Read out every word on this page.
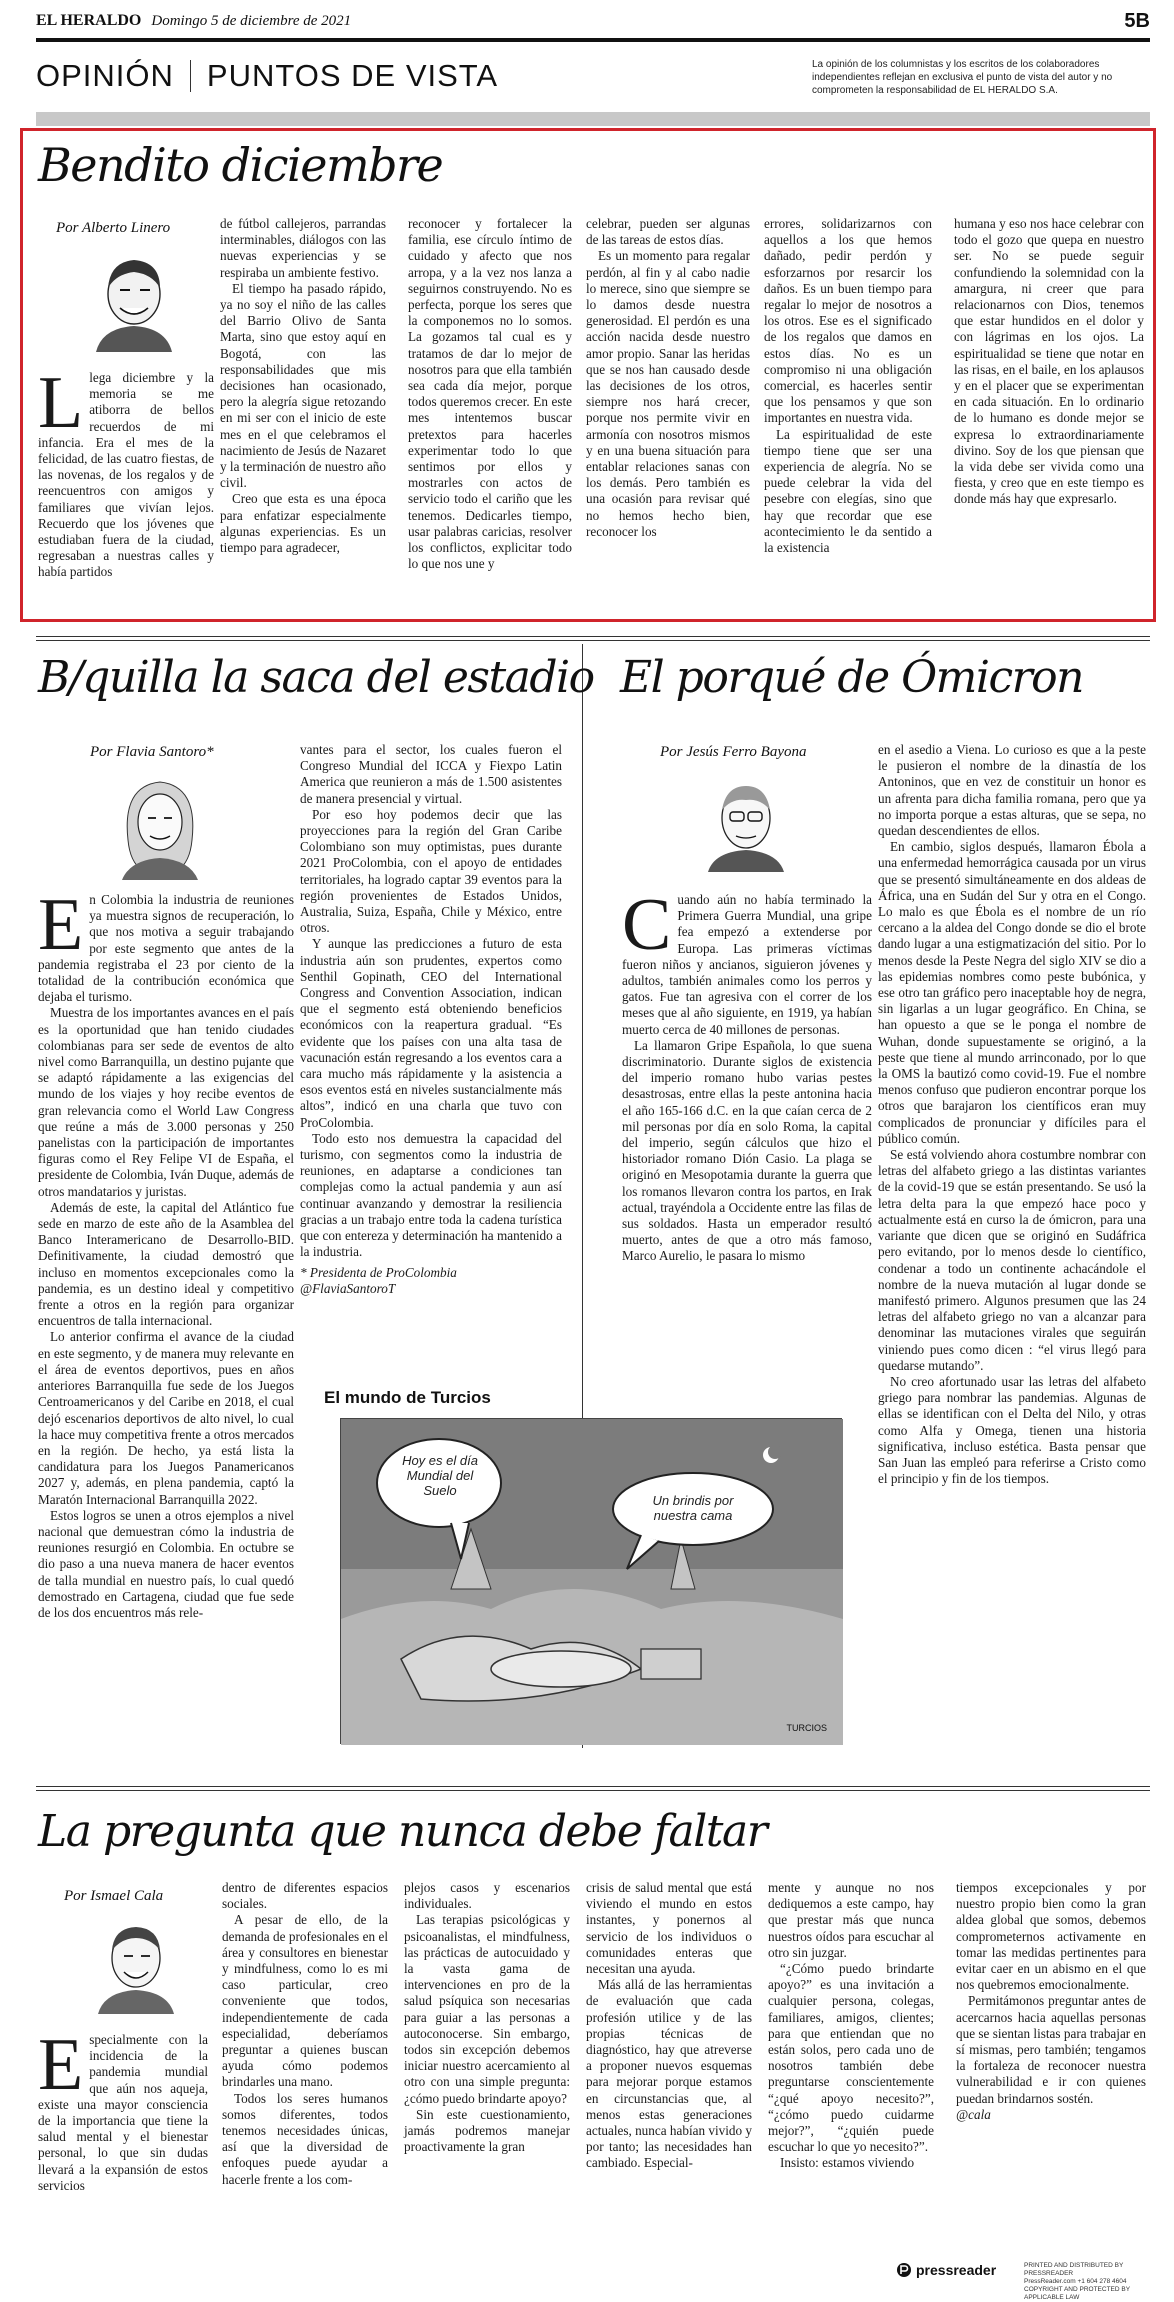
EL HERALDO Domingo 5 de diciembre de 2021	5B
OPINIÓN PUNTOS DE VISTA	La opinión de los columnistas y los escritos de los colaboradores independientes reflejan en exclusiva el punto de vista del autor y no comprometen la responsabilidad de EL HERALDO S.A.
Bendito diciembre
Por Alberto Linero

Llega diciembre y la memoria se me atiborra de bellos recuerdos de mi infancia. Era el mes de la felicidad, de las cuatro fiestas, de las novenas, de los regalos y de reencuentros con amigos y familiares que vivían lejos. Recuerdo que los jóvenes que estudiaban fuera de la ciudad, regresaban a nuestras calles y había partidos

de fútbol callejeros, parrandas interminables, diálogos con las nuevas experiencias y se respiraba un ambiente festivo.

El tiempo ha pasado rápido, ya no soy el niño de las calles del Barrio Olivo de Santa Marta, sino que estoy aquí en Bogotá, con las responsabilidades que mis decisiones han ocasionado, pero la alegría sigue retozando en mi ser con el inicio de este mes en el que celebramos el nacimiento de Jesús de Nazaret y la terminación de nuestro año civil.

Creo que esta es una época para enfatizar especialmente algunas experiencias. Es un tiempo para agradecer,

reconocer y fortalecer la familia, ese círculo íntimo de cuidado y afecto que nos arropa, y a la vez nos lanza a seguirnos construyendo. No es perfecta, porque los seres que la componemos no lo somos. La gozamos tal cual es y tratamos de dar lo mejor de nosotros para que ella también sea cada día mejor, porque todos queremos crecer. En este mes intentemos buscar pretextos para hacerles experimentar todo lo que sentimos por ellos y mostrarles con actos de servicio todo el cariño que les tenemos. Dedicarles tiempo, usar palabras caricias, resolver los conflictos, explicitar todo lo que nos une y

celebrar, pueden ser algunas de las tareas de estos días.

Es un momento para regalar perdón, al fin y al cabo nadie lo merece, sino que siempre se lo damos desde nuestra generosidad. El perdón es una acción nacida desde nuestro amor propio. Sanar las heridas que se nos han causado desde las decisiones de los otros, siempre nos hará crecer, porque nos permite vivir en armonía con nosotros mismos y en una buena situación para entablar relaciones sanas con los demás. Pero también es una ocasión para revisar qué no hemos hecho bien, reconocer los

errores, solidarizarnos con aquellos a los que hemos dañado, pedir perdón y esforzarnos por resarcir los daños. Es un buen tiempo para regalar lo mejor de nosotros a los otros. Ese es el significado de los regalos que damos en estos días. No es un compromiso ni una obligación comercial, es hacerles sentir que los pensamos y que son importantes en nuestra vida.

La espiritualidad de este tiempo tiene que ser una experiencia de alegría. No se puede celebrar la vida del pesebre con elegías, sino que hay que recordar que ese acontecimiento le da sentido a la existencia

humana y eso nos hace celebrar con todo el gozo que quepa en nuestro ser. No se puede seguir confundiendo la solemnidad con la amargura, ni creer que para relacionarnos con Dios, tenemos que estar hundidos en el dolor y con lágrimas en los ojos. La espiritualidad se tiene que notar en las risas, en el baile, en los aplausos y en el placer que se experimentan en cada situación. En lo ordinario de lo humano es donde mejor se expresa lo extraordinariamente divino. Soy de los que piensan que la vida debe ser vivida como una fiesta, y creo que en este tiempo es donde más hay que expresarlo.

B/quilla la saca del estadio
Por Flavia Santoro*

En Colombia la industria de reuniones ya muestra signos de recuperación, lo que nos motiva a seguir trabajando por este segmento que antes de la pandemia registraba el 23 por ciento de la totalidad de la contribución económica que dejaba el turismo.

Muestra de los importantes avances en el país es la oportunidad que han tenido ciudades colombianas para ser sede de eventos de alto nivel como Barranquilla, un destino pujante que se adaptó rápidamente a las exigencias del mundo de los viajes y hoy recibe eventos de gran relevancia como el World Law Congress que reúne a más de 3.000 personas y 250 panelistas con la participación de importantes figuras como el Rey Felipe VI de España, el presidente de Colombia, Iván Duque, además de otros mandatarios y juristas.

Además de este, la capital del Atlántico fue sede en marzo de este año de la Asamblea del Banco Interamericano de Desarrollo-BID. Definitivamente, la ciudad demostró que incluso en momentos excepcionales como la pandemia, es un destino ideal y competitivo frente a otros en la región para organizar encuentros de talla internacional.

Lo anterior confirma el avance de la ciudad en este segmento, y de manera muy relevante en el área de eventos deportivos, pues en años anteriores Barranquilla fue sede de los Juegos Centroamericanos y del Caribe en 2018, el cual dejó escenarios deportivos de alto nivel, lo cual la hace muy competitiva frente a otros mercados en la región. De hecho, ya está lista la candidatura para los Juegos Panamericanos 2027 y, además, en plena pandemia, captó la Maratón Internacional Barranquilla 2022.

Estos logros se unen a otros ejemplos a nivel nacional que demuestran cómo la industria de reuniones resurgió en Colombia. En octubre se dio paso a una nueva manera de hacer eventos de talla mundial en nuestro país, lo cual quedó demostrado en Cartagena, ciudad que fue sede de los dos encuentros más rele-

vantes para el sector, los cuales fueron el Congreso Mundial del ICCA y Fiexpo Latin America que reunieron a más de 1.500 asistentes de manera presencial y virtual.

Por eso hoy podemos decir que las proyecciones para la región del Gran Caribe Colombiano son muy optimistas, pues durante 2021 ProColombia, con el apoyo de entidades territoriales, ha logrado captar 39 eventos para la región provenientes de Estados Unidos, Australia, Suiza, España, Chile y México, entre otros.

Y aunque las predicciones a futuro de esta industria aún son prudentes, expertos como Senthil Gopinath, CEO del International Congress and Convention Association, indican que el segmento está obteniendo beneficios económicos con la reapertura gradual. “Es evidente que los países con una alta tasa de vacunación están regresando a los eventos cara a cara mucho más rápidamente y la asistencia a esos eventos está en niveles sustancialmente más altos”, indicó en una charla que tuvo con ProColombia.

Todo esto nos demuestra la capacidad del turismo, con segmentos como la industria de reuniones, en adaptarse a condiciones tan complejas como la actual pandemia y aun así continuar avanzando y demostrar la resiliencia gracias a un trabajo entre toda la cadena turística que con entereza y determinación ha mantenido a la industria.

* Presidenta de ProColombia

@FlaviaSantoroT

El mundo de Turcios
Hoy es el día Mundial del Suelo
Un brindis por nuestra cama
TURCIOS
El porqué de Ómicron
Por Jesús Ferro Bayona

Cuando aún no había terminado la Primera Guerra Mundial, una gripe fea empezó a extenderse por Europa. Las primeras víctimas fueron niños y ancianos, siguieron jóvenes y adultos, también animales como los perros y gatos. Fue tan agresiva con el correr de los meses que al año siguiente, en 1919, ya habían muerto cerca de 40 millones de personas.

La llamaron Gripe Española, lo que suena discriminatorio. Durante siglos de existencia del imperio romano hubo varias pestes desastrosas, entre ellas la peste antonina hacia el año 165-166 d.C. en la que caían cerca de 2 mil personas por día en solo Roma, la capital del imperio, según cálculos que hizo el historiador romano Dión Casio. La plaga se originó en Mesopotamia durante la guerra que los romanos llevaron contra los partos, en Irak actual, trayéndola a Occidente entre las filas de sus soldados. Hasta un emperador resultó muerto, antes de que a otro más famoso, Marco Aurelio, le pasara lo mismo

en el asedio a Viena. Lo curioso es que a la peste le pusieron el nombre de la dinastía de los Antoninos, que en vez de constituir un honor es un afrenta para dicha familia romana, pero que ya no importa porque a estas alturas, que se sepa, no quedan descendientes de ellos.

En cambio, siglos después, llamaron Ébola a una enfermedad hemorrágica causada por un virus que se presentó simultáneamente en dos aldeas de África, una en Sudán del Sur y otra en el Congo. Lo malo es que Ébola es el nombre de un río cercano a la aldea del Congo donde se dio el brote dando lugar a una estigmatización del sitio. Por lo menos desde la Peste Negra del siglo XIV se dio a las epidemias nombres como peste bubónica, y ese otro tan gráfico pero inaceptable hoy de negra, sin ligarlas a un lugar geográfico. En China, se han opuesto a que se le ponga el nombre de Wuhan, donde supuestamente se originó, a la peste que tiene al mundo arrinconado, por lo que la OMS la bautizó como covid-19. Fue el nombre menos confuso que pudieron encontrar porque los otros que barajaron los científicos eran muy complicados de pronunciar y difíciles para el público común.

Se está volviendo ahora costumbre nombrar con letras del alfabeto griego a las distintas variantes de la covid-19 que se están presentando. Se usó la letra delta para la que empezó hace poco y actualmente está en curso la de ómicron, para una variante que dicen que se originó en Sudáfrica pero evitando, por lo menos desde lo científico, condenar a todo un continente achacándole el nombre de la nueva mutación al lugar donde se manifestó primero. Algunos presumen que las 24 letras del alfabeto griego no van a alcanzar para denominar las mutaciones virales que seguirán viniendo pues como dicen : “el virus llegó para quedarse mutando”.

No creo afortunado usar las letras del alfabeto griego para nombrar las pandemias. Algunas de ellas se identifican con el Delta del Nilo, y otras como Alfa y Omega, tienen una historia significativa, incluso estética. Basta pensar que San Juan las empleó para referirse a Cristo como el principio y fin de los tiempos.

La pregunta que nunca debe faltar
Por Ismael Cala

Especialmente con la incidencia de la pandemia mundial que aún nos aqueja, existe una mayor consciencia de la importancia que tiene la salud mental y el bienestar personal, lo que sin dudas llevará a la expansión de estos servicios

dentro de diferentes espacios sociales.

A pesar de ello, de la demanda de profesionales en el área y consultores en bienestar y mindfulness, como lo es mi caso particular, creo conveniente que todos, independientemente de cada especialidad, deberíamos preguntar a quienes buscan ayuda cómo podemos brindarles una mano.

Todos los seres humanos somos diferentes, todos tenemos necesidades únicas, así que la diversidad de enfoques puede ayudar a hacerle frente a los com-

plejos casos y escenarios individuales.

Las terapias psicológicas y psicoanalistas, el mindfulness, las prácticas de autocuidado y la vasta gama de intervenciones en pro de la salud psíquica son necesarias para guiar a las personas a autoconocerse. Sin embargo, todos sin excepción debemos iniciar nuestro acercamiento al otro con una simple pregunta: ¿cómo puedo brindarte apoyo?

Sin este cuestionamiento, jamás podremos manejar proactivamente la gran

crisis de salud mental que está viviendo el mundo en estos instantes, y ponernos al servicio de los individuos o comunidades enteras que necesitan una ayuda.

Más allá de las herramientas de evaluación que cada profesión utilice y de las propias técnicas de diagnóstico, hay que atreverse a proponer nuevos esquemas para mejorar porque estamos en circunstancias que, al menos estas generaciones actuales, nunca habían vivido y por tanto; las necesidades han cambiado. Especial-

mente y aunque no nos dediquemos a este campo, hay que prestar más que nunca nuestros oídos para escuchar al otro sin juzgar.

“¿Cómo puedo brindarte apoyo?” es una invitación a cualquier persona, colegas, familiares, amigos, clientes; para que entiendan que no están solos, pero cada uno de nosotros también debe preguntarse conscientemente “¿qué apoyo necesito?”, “¿cómo puedo cuidarme mejor?”, “¿quién puede escuchar lo que yo necesito?”.

Insisto: estamos viviendo

tiempos excepcionales y por nuestro propio bien como la gran aldea global que somos, debemos comprometernos activamente en tomar las medidas pertinentes para evitar caer en un abismo en el que nos quebremos emocionalmente.

Permitámonos preguntar antes de acercarnos hacia aquellas personas que se sientan listas para trabajar en sí mismas, pero también; tengamos la fortaleza de reconocer nuestra vulnerabilidad e ir con quienes puedan brindarnos sostén.

@cala

pressreader	PRINTED AND DISTRIBUTED BY PRESSREADER
PressReader.com +1 604 278 4604
COPYRIGHT AND PROTECTED BY APPLICABLE LAW
